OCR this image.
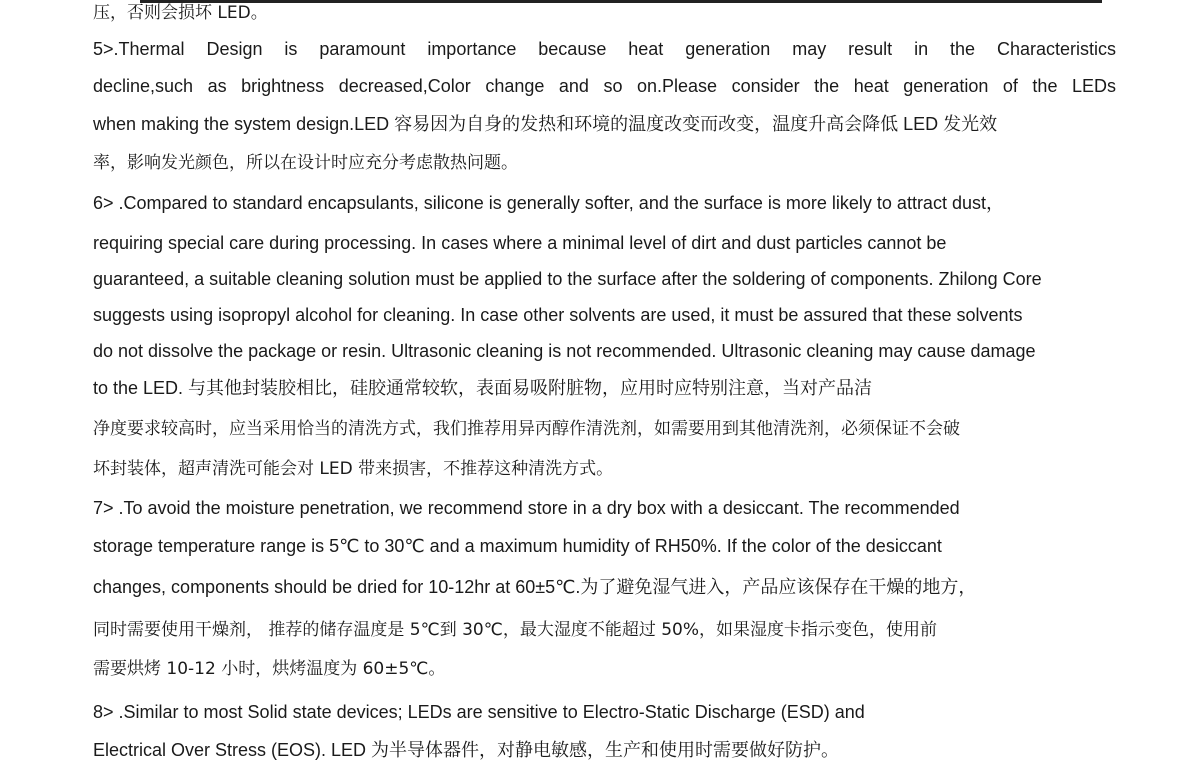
压，否则会损坏 LED。
5>.Thermal Design is paramount importance because heat generation may result in the Characteristics
decline,such as brightness decreased,Color change and so on.Please consider the heat generation of the LEDs
when making the system design.LED 容易因为自身的发热和环境的温度改变而改变，温度升高会降低 LED 发光效
率，影响发光颜色，所以在设计时应充分考虑散热问题。
6> .Compared to standard encapsulants, silicone is generally softer, and the surface is more likely to attract dust，
requiring special care during processing. In cases where a minimal level of dirt and dust particles cannot be
guaranteed, a suitable cleaning solution must be applied to the surface after the soldering of components. Zhilong Core
suggests using isopropyl alcohol for cleaning. In case other solvents are used, it must be assured that these solvents
do not dissolve the package or resin. Ultrasonic cleaning is not recommended. Ultrasonic cleaning may cause damage
to the LED. 与其他封装胶相比，硅胶通常较软，表面易吸附脏物，应用时应特别注意，当对产品洁
净度要求较高时，应当采用恰当的清洗方式，我们推荐用异丙醇作清洗剂，如需要用到其他清洗剂，必须保证不会破
坏封装体，超声清洗可能会对 LED 带来损害，不推荐这种清洗方式。
7> .To avoid the moisture penetration, we recommend store in a dry box with a desiccant. The recommended
storage temperature range is 5℃ to 30℃ and a maximum humidity of RH50%. If the color of the desiccant
changes, components should be dried for 10-12hr at 60±5℃.为了避免湿气进入，产品应该保存在干燥的地方，
同时需要使用干燥剂， 推荐的储存温度是 5℃到 30℃，最大湿度不能超过 50%，如果湿度卡指示变色，使用前
需要烘烤 10-12 小时，烘烤温度为 60±5℃。
8> .Similar to most Solid state devices; LEDs are sensitive to Electro-Static Discharge (ESD) and
Electrical Over Stress (EOS). LED 为半导体器件，对静电敏感，生产和使用时需要做好防护。
